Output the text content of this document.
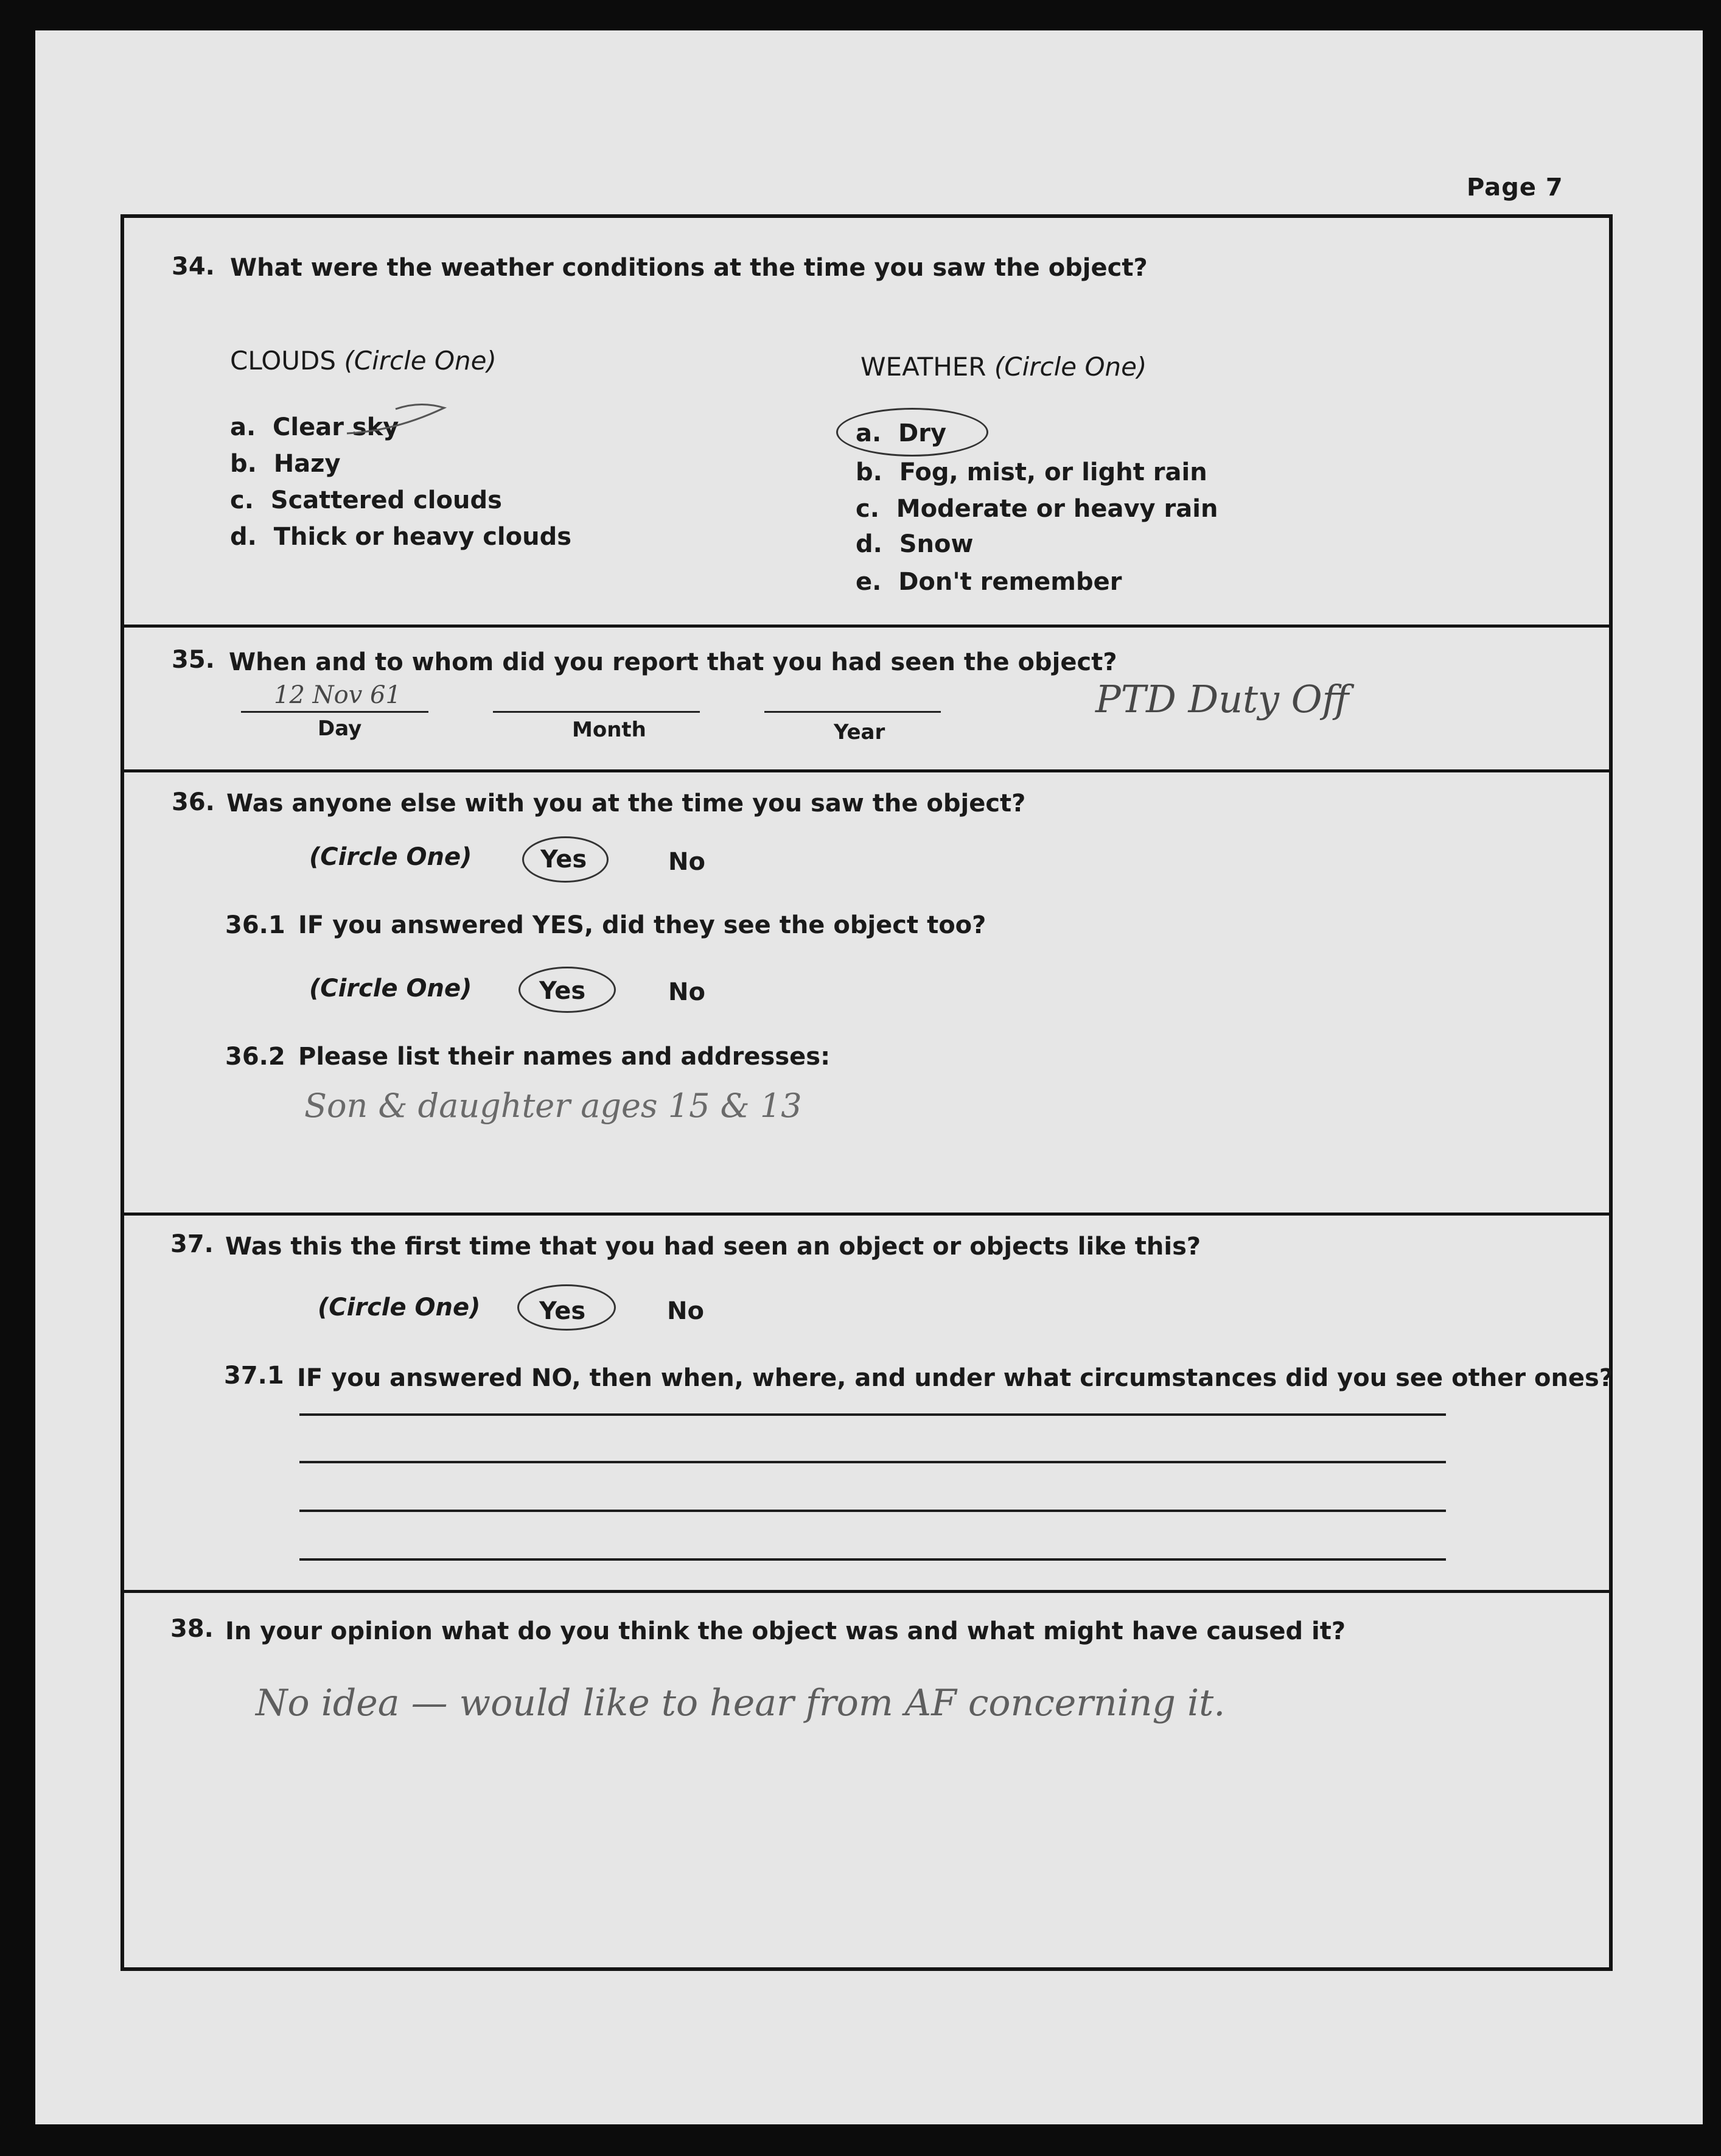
Page 7
34. What were the weather conditions at the time you saw the object?
CLOUDS (Circle One)	WEATHER (Circle One)
a. Clear sky
b. Hazy
c. Scattered clouds
d. Thick or heavy clouds
a. Dry
b. Fog, mist, or light rain
c. Moderate or heavy rain
d. Snow
e. Don't remember
35. When and to whom did you report that you had seen the object?
12 Nov 61
Day	Month	Year
PTD Duty Off
36. Was anyone else with you at the time you saw the object?
(Circle One)	Yes	No
36.1 IF you answered YES, did they see the object too?
(Circle One)	Yes	No
36.2 Please list their names and addresses:
Son & daughter ages 15 & 13
37. Was this the first time that you had seen an object or objects like this?
(Circle One) Yes	No
37.1 IF you answered NO, then when, where, and under what circumstances did you see other ones?
38. In your opinion what do you think the object was and what might have caused it?
No idea — would like to hear from AF concerning it.
